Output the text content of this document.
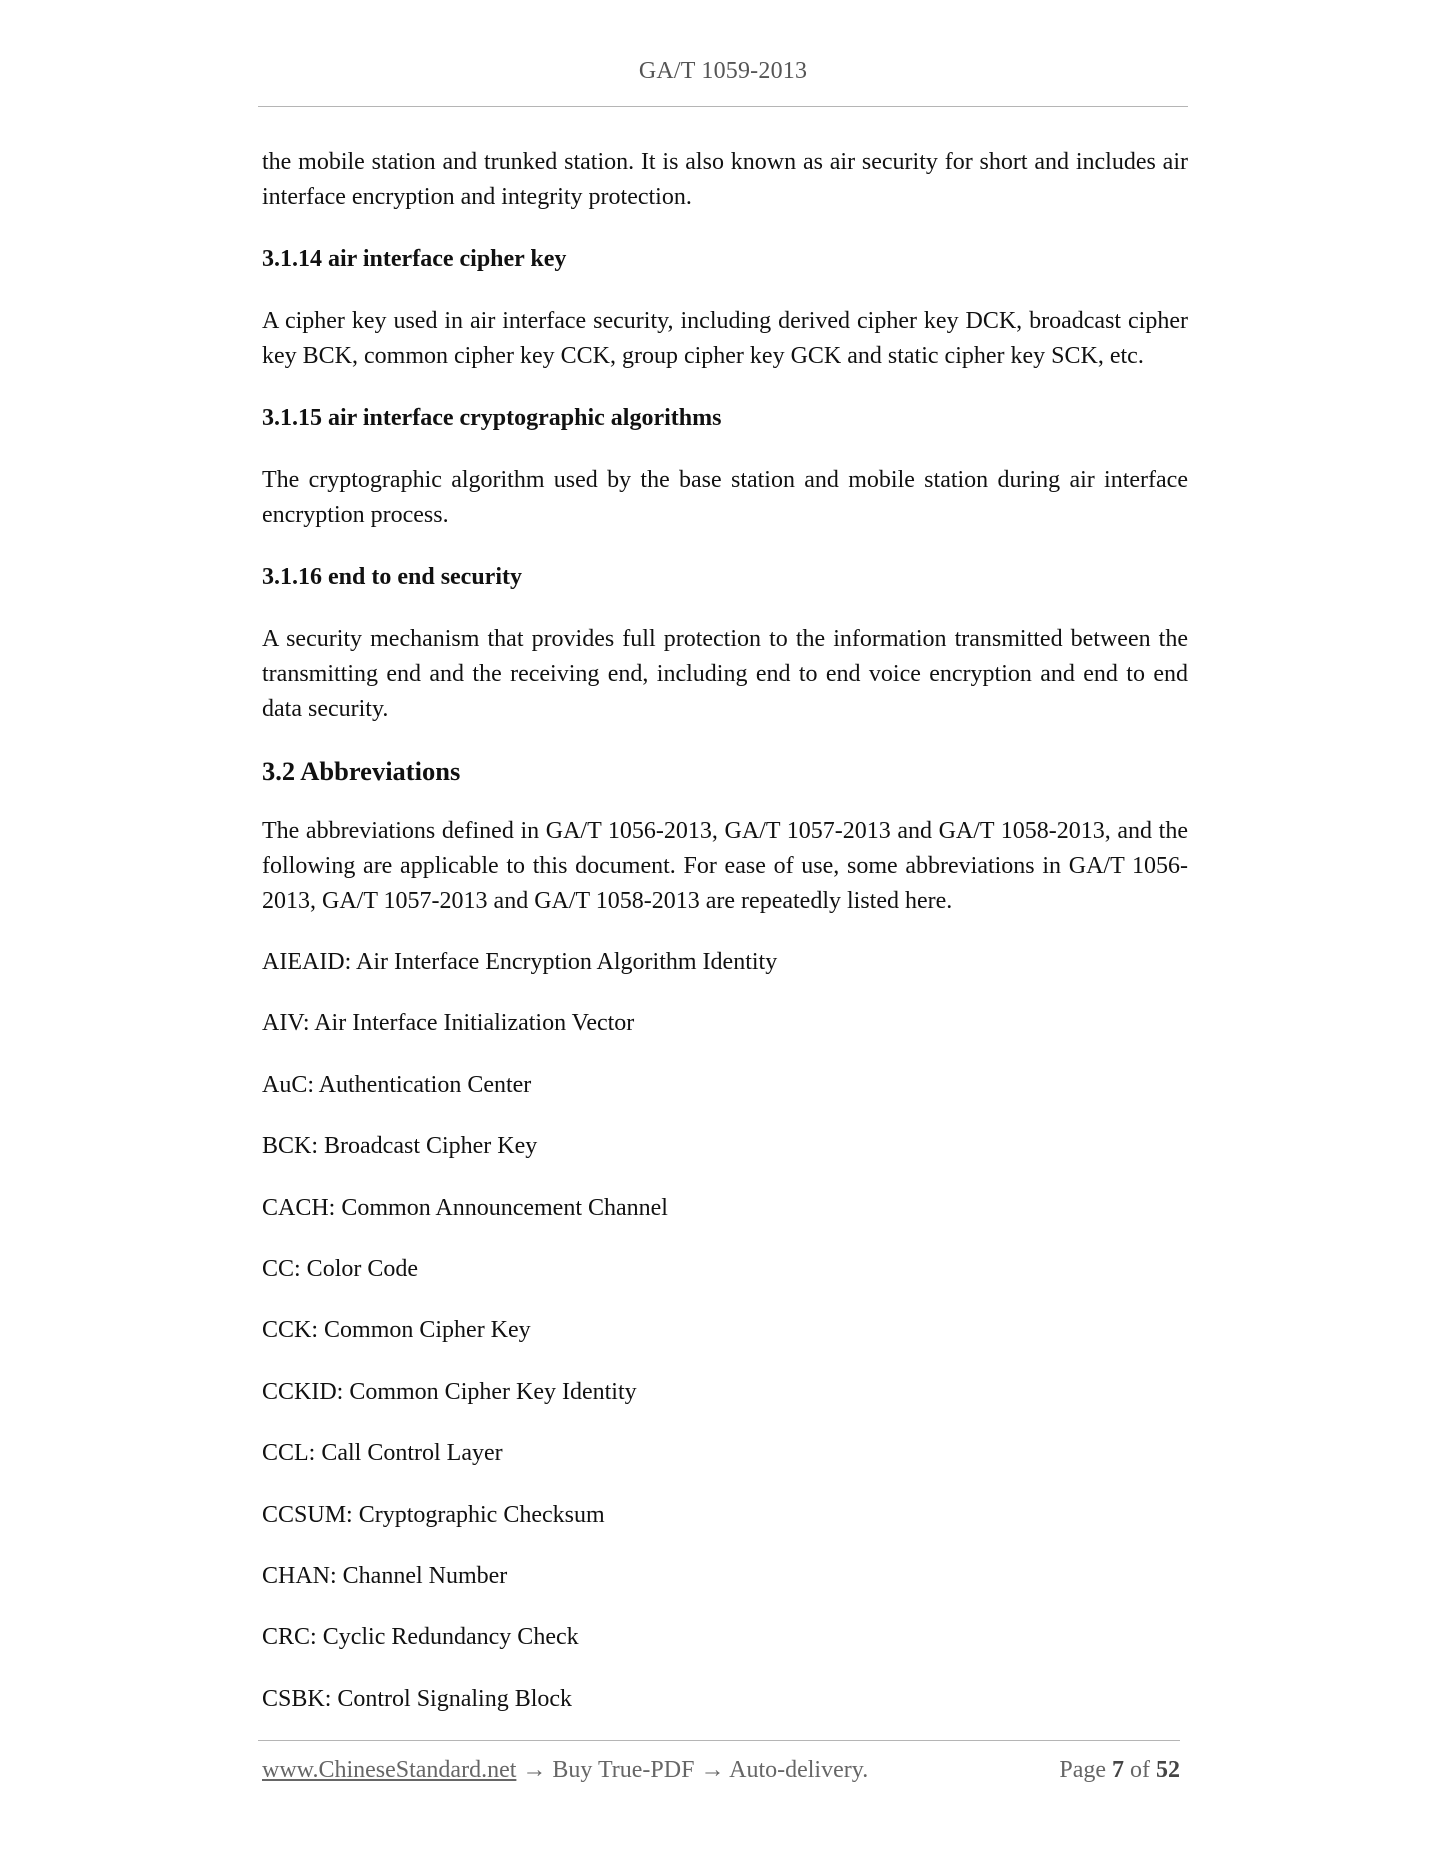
GA/T 1059-2013

the mobile station and trunked station. It is also known as air security for short and includes air interface encryption and integrity protection.

3.1.14 air interface cipher key

A cipher key used in air interface security, including derived cipher key DCK, broadcast cipher key BCK, common cipher key CCK, group cipher key GCK and static cipher key SCK, etc.

3.1.15 air interface cryptographic algorithms

The cryptographic algorithm used by the base station and mobile station during air interface encryption process.

3.1.16 end to end security

A security mechanism that provides full protection to the information transmitted between the transmitting end and the receiving end, including end to end voice encryption and end to end data security.

3.2 Abbreviations

The abbreviations defined in GA/T 1056-2013, GA/T 1057-2013 and GA/T 1058-2013, and the following are applicable to this document. For ease of use, some abbreviations in GA/T 1056-2013, GA/T 1057-2013 and GA/T 1058-2013 are repeatedly listed here.

AIEAID: Air Interface Encryption Algorithm Identity
AIV: Air Interface Initialization Vector
AuC: Authentication Center
BCK: Broadcast Cipher Key
CACH: Common Announcement Channel
CC: Color Code
CCK: Common Cipher Key
CCKID: Common Cipher Key Identity
CCL: Call Control Layer
CCSUM: Cryptographic Checksum
CHAN: Channel Number
CRC: Cyclic Redundancy Check
CSBK: Control Signaling Block
www.ChineseStandard.net → Buy True-PDF → Auto-delivery.	Page 7 of 52
